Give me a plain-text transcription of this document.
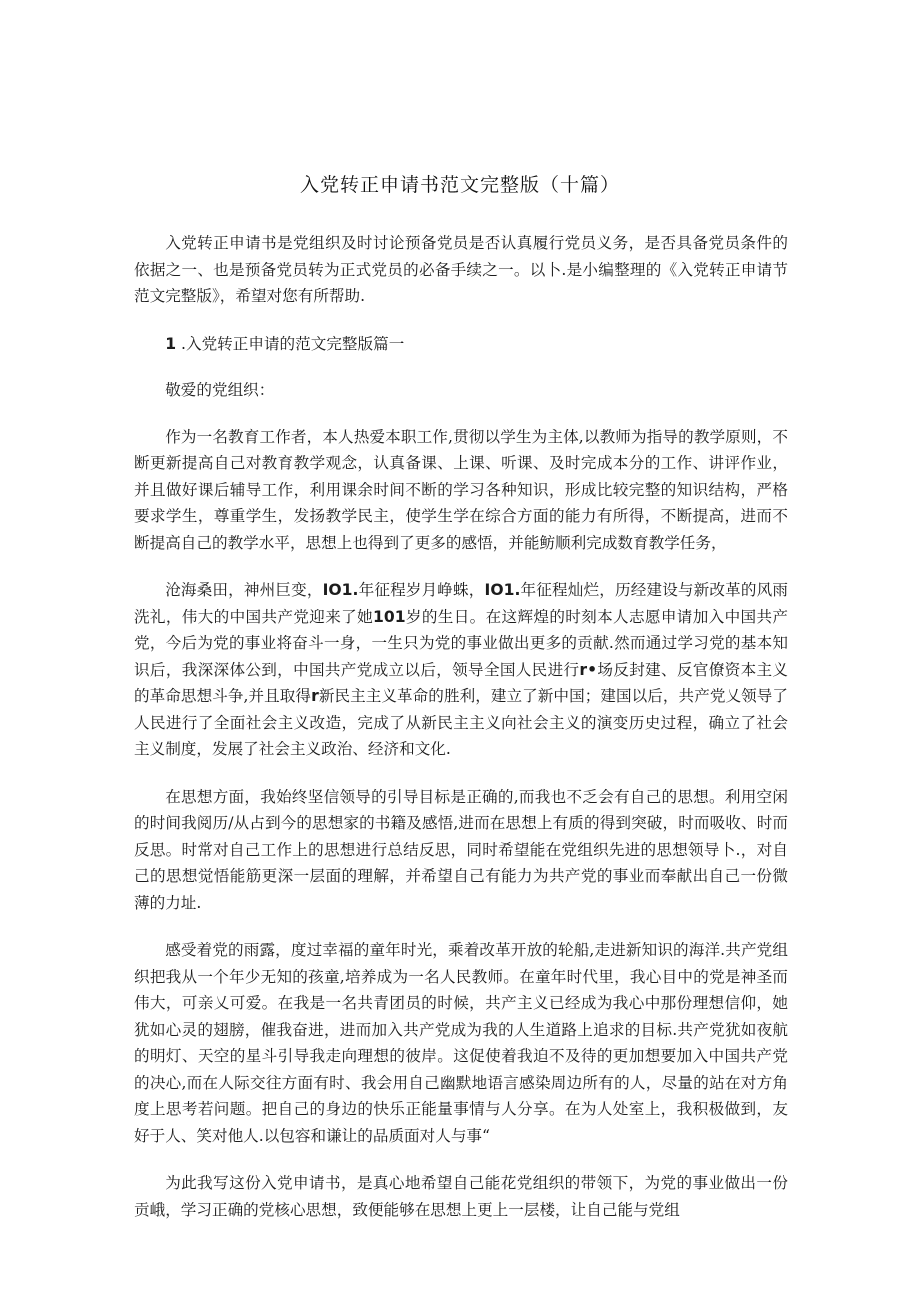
入党转正申请书范文完整版（十篇）

入党转正申请书是党组织及时讨论预备党员是否认真履行党员义务，是否具备党员条件的依据之一、也是预备党员转为正式党员的必备手续之一。以卜.是小编整理的《入党转正申请节范文完整版》，希望对您有所帮助.

1 .入党转正申请的范文完整版篇一

敬爱的党组织：

作为一名教育工作者，本人热爱本职工作,贯彻以学生为主体,以教师为指导的教学原则，不断更新提高自己对教育教学观念，认真备课、上课、听课、及时完成本分的工作、讲评作业，并且做好课后辅导工作，利用课余时间不断的学习各种知识，形成比较完整的知识结构，严格要求学生，尊重学生，发扬教学民主，使学生学在综合方面的能力有所得，不断提高，进而不断提高自己的教学水平，思想上也得到了更多的感悟，并能鲂顺利完成数育教学任务，

沧海桑田，神州巨变，IO1.年征程岁月峥蛛，IO1.年征程灿烂，历经建设与新改革的风雨洗礼，伟大的中国共产党迎来了她101岁的生日。在这辉煌的时刻本人志愿申请加入中国共产党，今后为党的事业将奋斗一身，一生只为党的事业做出更多的贡献.然而通过学习党的基本知识后，我深深体公到，中国共产党成立以后，领导全国人民进行r•场反封建、反官僚资本主义的革命思想斗争,并且取得r新民主主义革命的胜利，建立了新中国；建国以后，共产党乂领导了人民进行了全面社会主义改造，完成了从新民主主义向社会主义的演变历史过程，确立了社会主义制度，发展了社会主义政治、经济和文化.

在思想方面，我始终坚信领导的引导目标是正确的,而我也不乏会有自己的思想。利用空闲的时间我阅历/从占到今的思想家的书籍及感悟,进而在思想上有质的得到突破，时而吸收、时而反思。时常对自己工作上的思想进行总结反思，同时希望能在党组织先进的思想领导卜.，对自己的思想觉悟能筋更深一层面的理解，并希望自己有能力为共产党的事业而奉献出自己一份微薄的力址.

感受着党的雨露，度过幸福的童年时光，乘着改革开放的轮船,走进新知识的海洋.共产党组织把我从一个年少无知的孩童,培养成为一名人民教师。在童年时代里，我心目中的党是神圣而伟大，可亲乂可爱。在我是一名共青团员的时候，共产主义已经成为我心中那份理想信仰，她犹如心灵的翅膀，催我奋进，进而加入共产党成为我的人生道路上追求的目标.共产党犹如夜航的明灯、天空的星斗引导我走向理想的彼岸。这促使着我迫不及待的更加想要加入中国共产党的决心,而在人际交往方面有时、我会用自己幽默地语言感染周边所有的人，尽量的站在对方角度上思考若问题。把自己的身边的快乐正能量事情与人分享。在为人处室上，我积极做到，友好于人、笑对他人.以包容和谦让的品质面对人与事“

为此我写这份入党申请书，是真心地希望自己能花党组织的带领下，为党的事业做出一份贡峨，学习正确的党核心思想，致便能够在思想上更上一层楼，让自己能与党组
